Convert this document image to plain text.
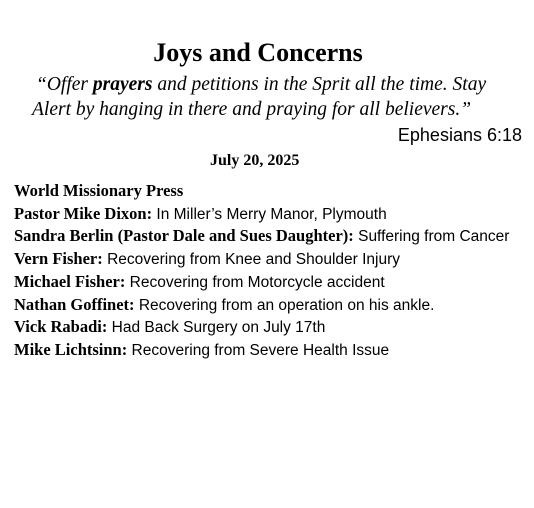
Joys and Concerns
“Offer prayers and petitions in the Sprit all the time. Stay
Alert by hanging in there and praying for all believers.”
Ephesians 6:18
July 20, 2025
World Missionary Press
Pastor Mike Dixon: In Miller’s Merry Manor, Plymouth
Sandra Berlin (Pastor Dale and Sues Daughter): Suffering from Cancer
Vern Fisher: Recovering from Knee and Shoulder Injury
Michael Fisher: Recovering from Motorcycle accident
Nathan Goffinet: Recovering from an operation on his ankle.
Vick Rabadi: Had Back Surgery on July 17th
Mike Lichtsinn: Recovering from Severe Health Issue
